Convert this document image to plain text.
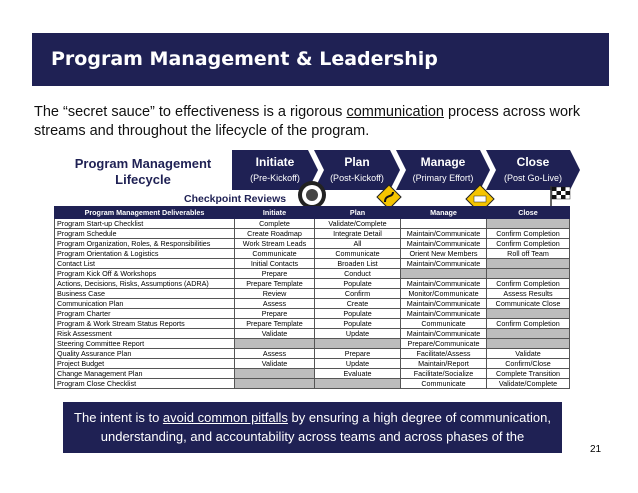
Program Management & Leadership
The “secret sauce” to effectiveness is a rigorous communication process across work streams and throughout the lifecycle of the program.
Program Management Lifecycle
Initiate
(Pre-Kickoff)
Plan
(Post-Kickoff)
Manage
(Primary Effort)
Close
(Post Go-Live)
Checkpoint Reviews
Program Management Deliverables	Initiate	Plan	Manage	Close
Program Start-up Checklist	Complete	Validate/Complete		
Program Schedule	Create Roadmap	Integrate Detail	Maintain/Communicate	Confirm Completion
Program Organization, Roles, & Responsibilities	Work Stream Leads	All	Maintain/Communicate	Confirm Completion
Program Orientation & Logistics	Communicate	Communicate	Orient New Members	Roll off Team
Contact List	Initial Contacts	Broaden List	Maintain/Communicate	
Program Kick Off & Workshops	Prepare	Conduct		
Actions, Decisions, Risks, Assumptions (ADRA)	Prepare Template	Populate	Maintain/Communicate	Confirm Completion
Business Case	Review	Confirm	Monitor/Communicate	Assess Results
Communication Plan	Assess	Create	Maintain/Communicate	Communicate Close
Program Charter	Prepare	Populate	Maintain/Communicate	
Program & Work Stream Status Reports	Prepare Template	Populate	Communicate	Confirm Completion
Risk Assessment	Validate	Update	Maintain/Communicate	
Steering Committee Report			Prepare/Communicate	
Quality Assurance Plan	Assess	Prepare	Facilitate/Assess	Validate
Project Budget	Validate	Update	Maintain/Report	Confirm/Close
Change Management Plan		Evaluate	Facilitate/Socialize	Complete Transition
Program Close Checklist			Communicate	Validate/Complete
The intent is to avoid common pitfalls by ensuring a high degree of communication, understanding, and accountability across teams and across phases of the program.	21
